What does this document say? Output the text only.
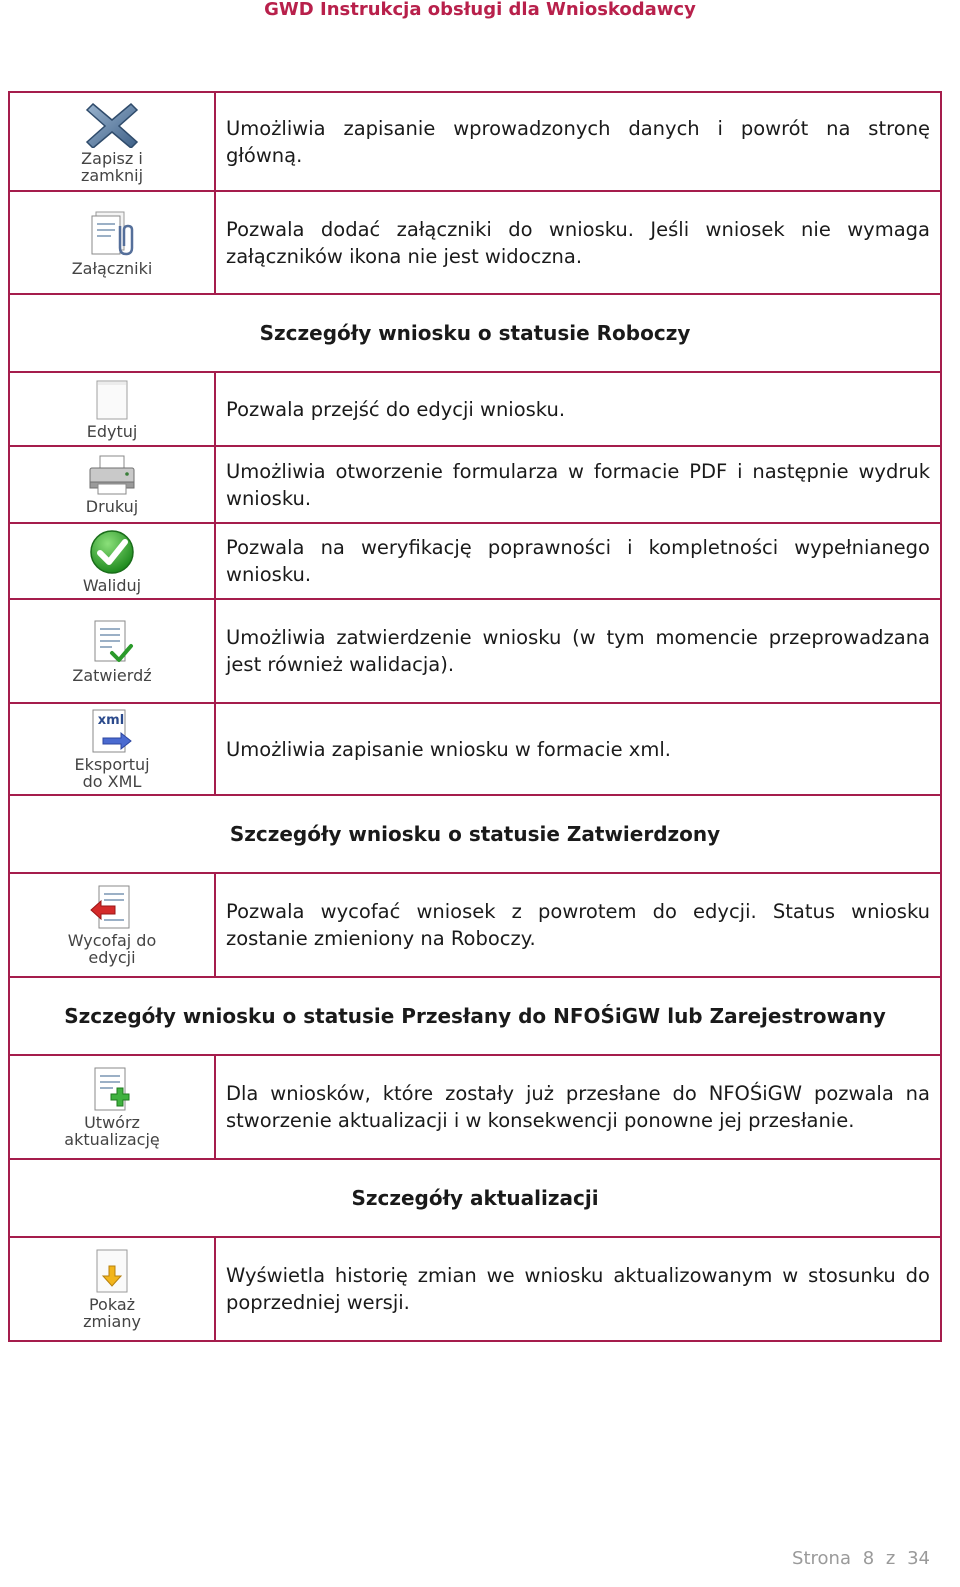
GWD Instrukcja obsługi dla Wnioskodawcy
Zapisz i
zamknij	Umożliwia zapisanie wprowadzonych danych i powrót na stronę główną.

Załączniki	Pozwala dodać załączniki do wniosku. Jeśli wniosek nie wymaga załączników ikona nie jest widoczna.
Szczegóły wniosku o statusie Roboczy	

Edytuj	Pozwala przejść do edycji wniosku.

Drukuj	Umożliwia otworzenie formularza w formacie PDF i następnie wydruk wniosku.

Waliduj	Pozwala na weryfikację poprawności i kompletności wypełnianego wniosku.

Zatwierdź	Umożliwia zatwierdzenie wniosku (w tym momencie przeprowadzana jest również walidacja).

xml
Eksportuj
do XML	Umożliwia zapisanie wniosku w formacie xml.
Szczegóły wniosku o statusie Zatwierdzony	

Wycofaj do
edycji	Pozwala wycofać wniosek z powrotem do edycji. Status wniosku zostanie zmieniony na Roboczy.
Szczegóły wniosku o statusie Przesłany do NFOŚiGW lub Zarejestrowany	

Utwórz
aktualizację	Dla wniosków, które zostały już przesłane do NFOŚiGW pozwala na stworzenie aktualizacji i w konsekwencji ponowne jej przesłanie.
Szczegóły aktualizacji	

Pokaż
zmiany	Wyświetla historię zmian we wniosku aktualizowanym w stosunku do poprzedniej wersji.
Strona 8 z 34
